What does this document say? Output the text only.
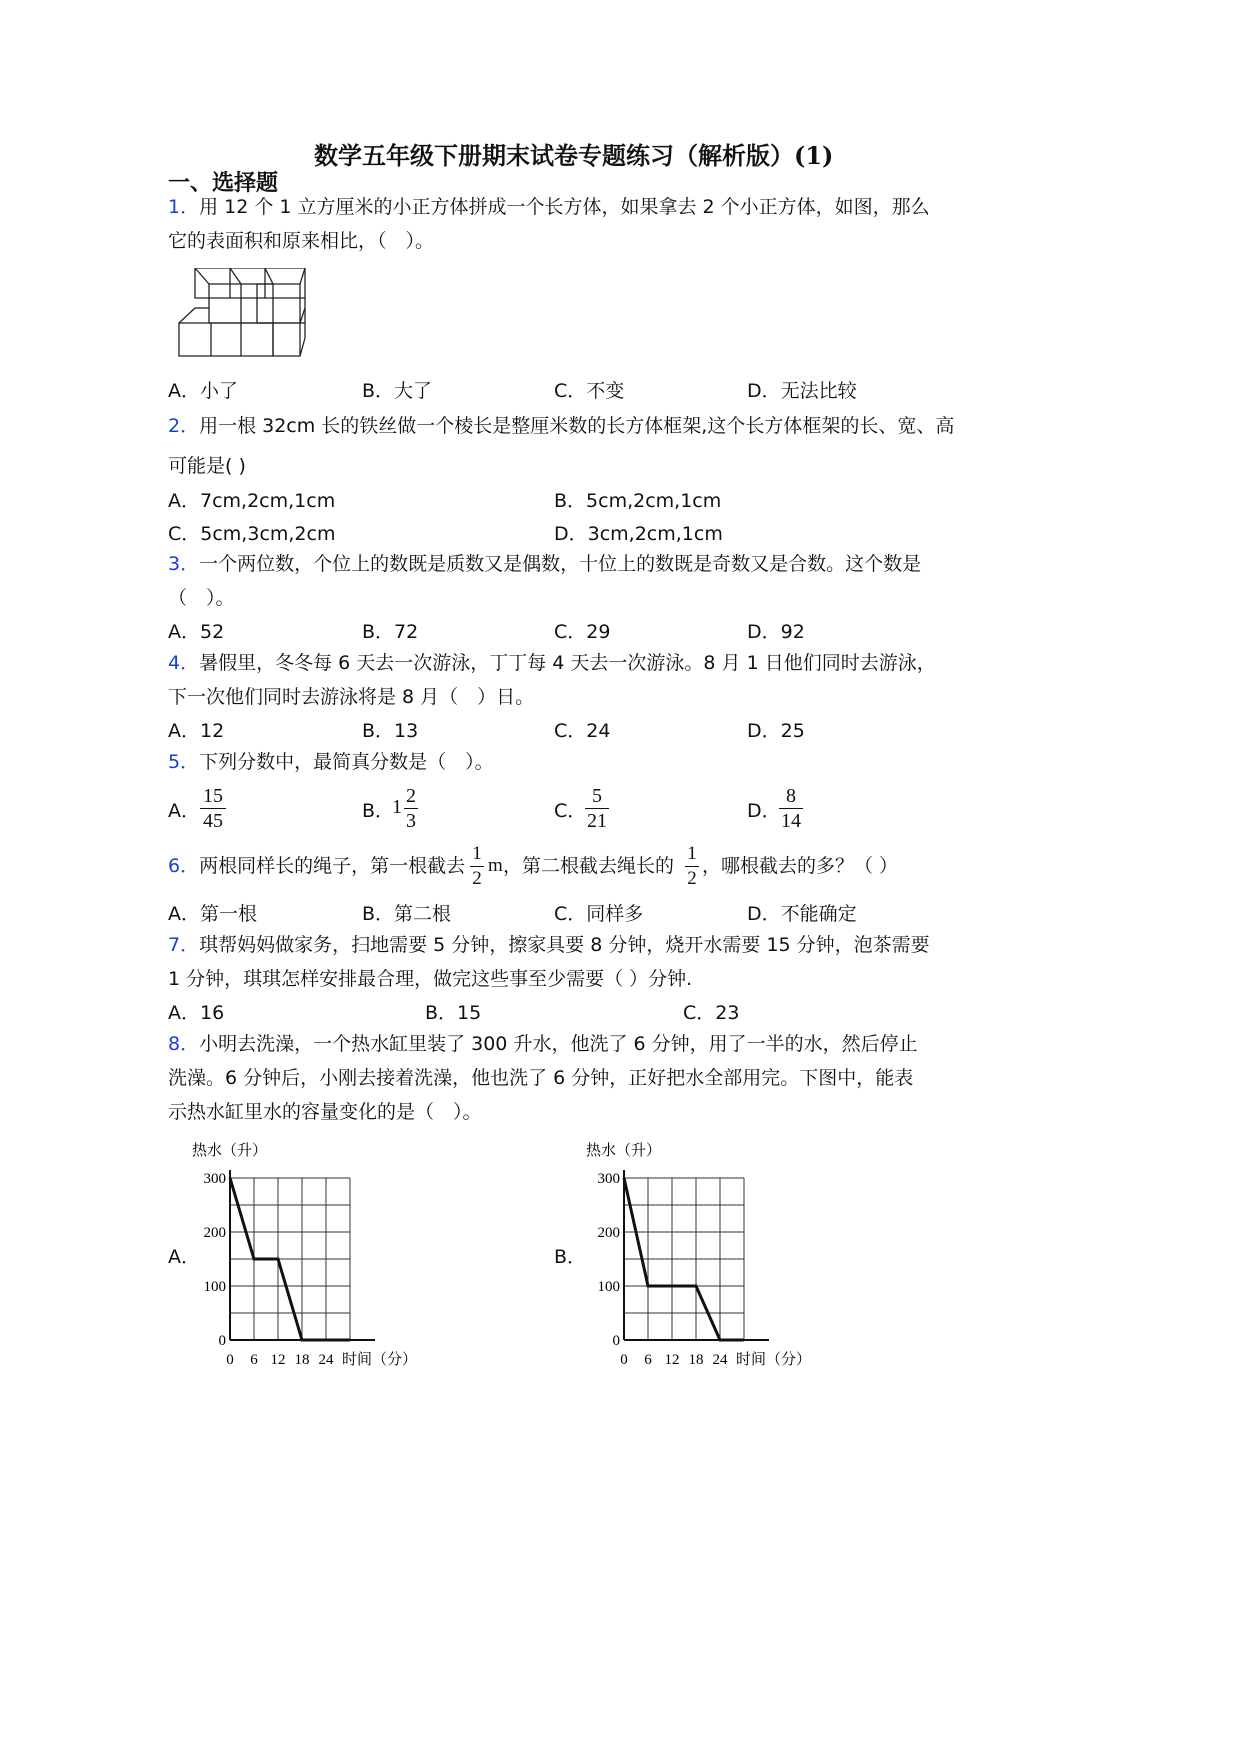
数学五年级下册期末试卷专题练习（解析版）(1)
一、选择题
1．用 12 个 1 立方厘米的小正方体拼成一个长方体，如果拿去 2 个小正方体，如图，那么
它的表面积和原来相比，（　）。
A．小了	B．大了	C．不变	D．无法比较
2．用一根 32cm 长的铁丝做一个棱长是整厘米数的长方体框架,这个长方体框架的长、宽、高
可能是( )
A．7cm,2cm,1cm	B．5cm,2cm,1cm
C．5cm,3cm,2cm	D．3cm,2cm,1cm
3．一个两位数，个位上的数既是质数又是偶数，十位上的数既是奇数又是合数。这个数是
（　）。
A．52	B．72	C．29	D．92
4．暑假里，冬冬每 6 天去一次游泳，丁丁每 4 天去一次游泳。8 月 1 日他们同时去游泳，
下一次他们同时去游泳将是 8 月（　）日。
A．12	B．13	C．24	D．25
5．下列分数中，最简真分数是（　）。
A．
15
45	B．
1 2
3	C．
5
21	D．
8
14
6．两根同样长的绳子，第一根截去
1
2
m ，第二根截去绳长的
1
2
，哪根截去的多？（ ）
A．第一根	B．第二根	C．同样多	D．不能确定
7．琪帮妈妈做家务，扫地需要 5 分钟，擦家具要 8 分钟，烧开水需要 15 分钟，泡茶需要
1 分钟，琪琪怎样安排最合理，做完这些事至少需要（ ）分钟.
A．16	B．15	C．23
8．小明去洗澡，一个热水缸里装了 300 升水，他洗了 6 分钟，用了一半的水，然后停止
洗澡。6 分钟后，小刚去接着洗澡，他也洗了 6 分钟，正好把水全部用完。下图中，能表
示热水缸里水的容量变化的是（　）。
A．	B．
0
100
200
300
0 6 12 18 24
热水（升）
时间（分）
0
100
200
300
0 6 12 18 24
热水（升）
时间（分）
